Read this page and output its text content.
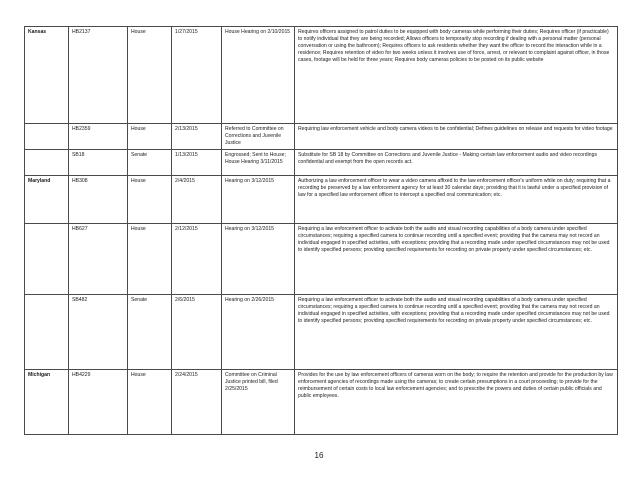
Kansas	HB2137	House	1/27/2015	House Hearing on 2/10/2015	Requires officers assigned to patrol duties to be equipped with body cameras while performing their duties; Requires officer (if practicable) to notify individual that they are being recorded; Allows officers to temporarily stop recording if dealing with a personal matter (personal conversation or using the bathroom); Requires officers to ask residents whether they want the officer to record the interaction while in a residence; Requires retention of video for two weeks unless it involves use of force, arrest, or relevant to complaint against officer, in those cases, footage will be held for three years; Requires body cameras policies to be posted on its public website
	HB2359	House	2/13/2015	Referred to Committee on Corrections and Juvenile Justice	Requiring law enforcement vehicle and body camera videos to be confidential; Defines guidelines on release and requests for video footage
	SB18	Senate	1/13/2015	Engrossed; Sent to House; House Hearing 3/11/2015	Substitute for SB 18 by Committee on Corrections and Juvenile Justice - Making certain law enforcement audio and video recordings confidential and exempt from the open records act.
Maryland	HB308	House	2/4/2015	Hearing on 3/12/2015	Authorizing a law enforcement officer to wear a video camera affixed to the law enforcement officer's uniform while on duty; requiring that a recording be preserved by a law enforcement agency for at least 30 calendar days; providing that it is lawful under a specified provision of law for a specified law enforcement officer to intercept a specified oral communication; etc.
	HB627	House	2/12/2015	Hearing on 3/12/2015	Requiring a law enforcement officer to activate both the audio and visual recording capabilities of a body camera under specified circumstances; requiring a specified camera to continue recording until a specified event; providing that the camera may not record an individual engaged in specified activities, with exceptions; providing that a recording made under specified circumstances may not be used to identify specified persons; providing specified requirements for recording on private property under specified circumstances; etc.
	SB482	Senate	2/6/2015	Hearing on 2/26/2015	Requiring a law enforcement officer to activate both the audio and visual recording capabilities of a body camera under specified circumstances; requiring a specified camera to continue recording until a specified event; providing that the camera may not record an individual engaged in specified activities, with exceptions; providing that a recording made under specified circumstances may not be used to identify specified persons; providing specified requirements for recording on private property under specified circumstances; etc.
Michigan	HB4229	House	2/24/2015	Committee on Criminal Justice printed bill, filed 2/25/2015	Provides for the use by law enforcement officers of cameras worn on the body; to require the retention and provide for the production by law enforcement agencies of recordings made using the cameras; to create certain presumptions in a court proceeding; to provide for the reimbursement of certain costs to local law enforcement agencies; and to prescribe the powers and duties of certain public officials and public employees.
16
